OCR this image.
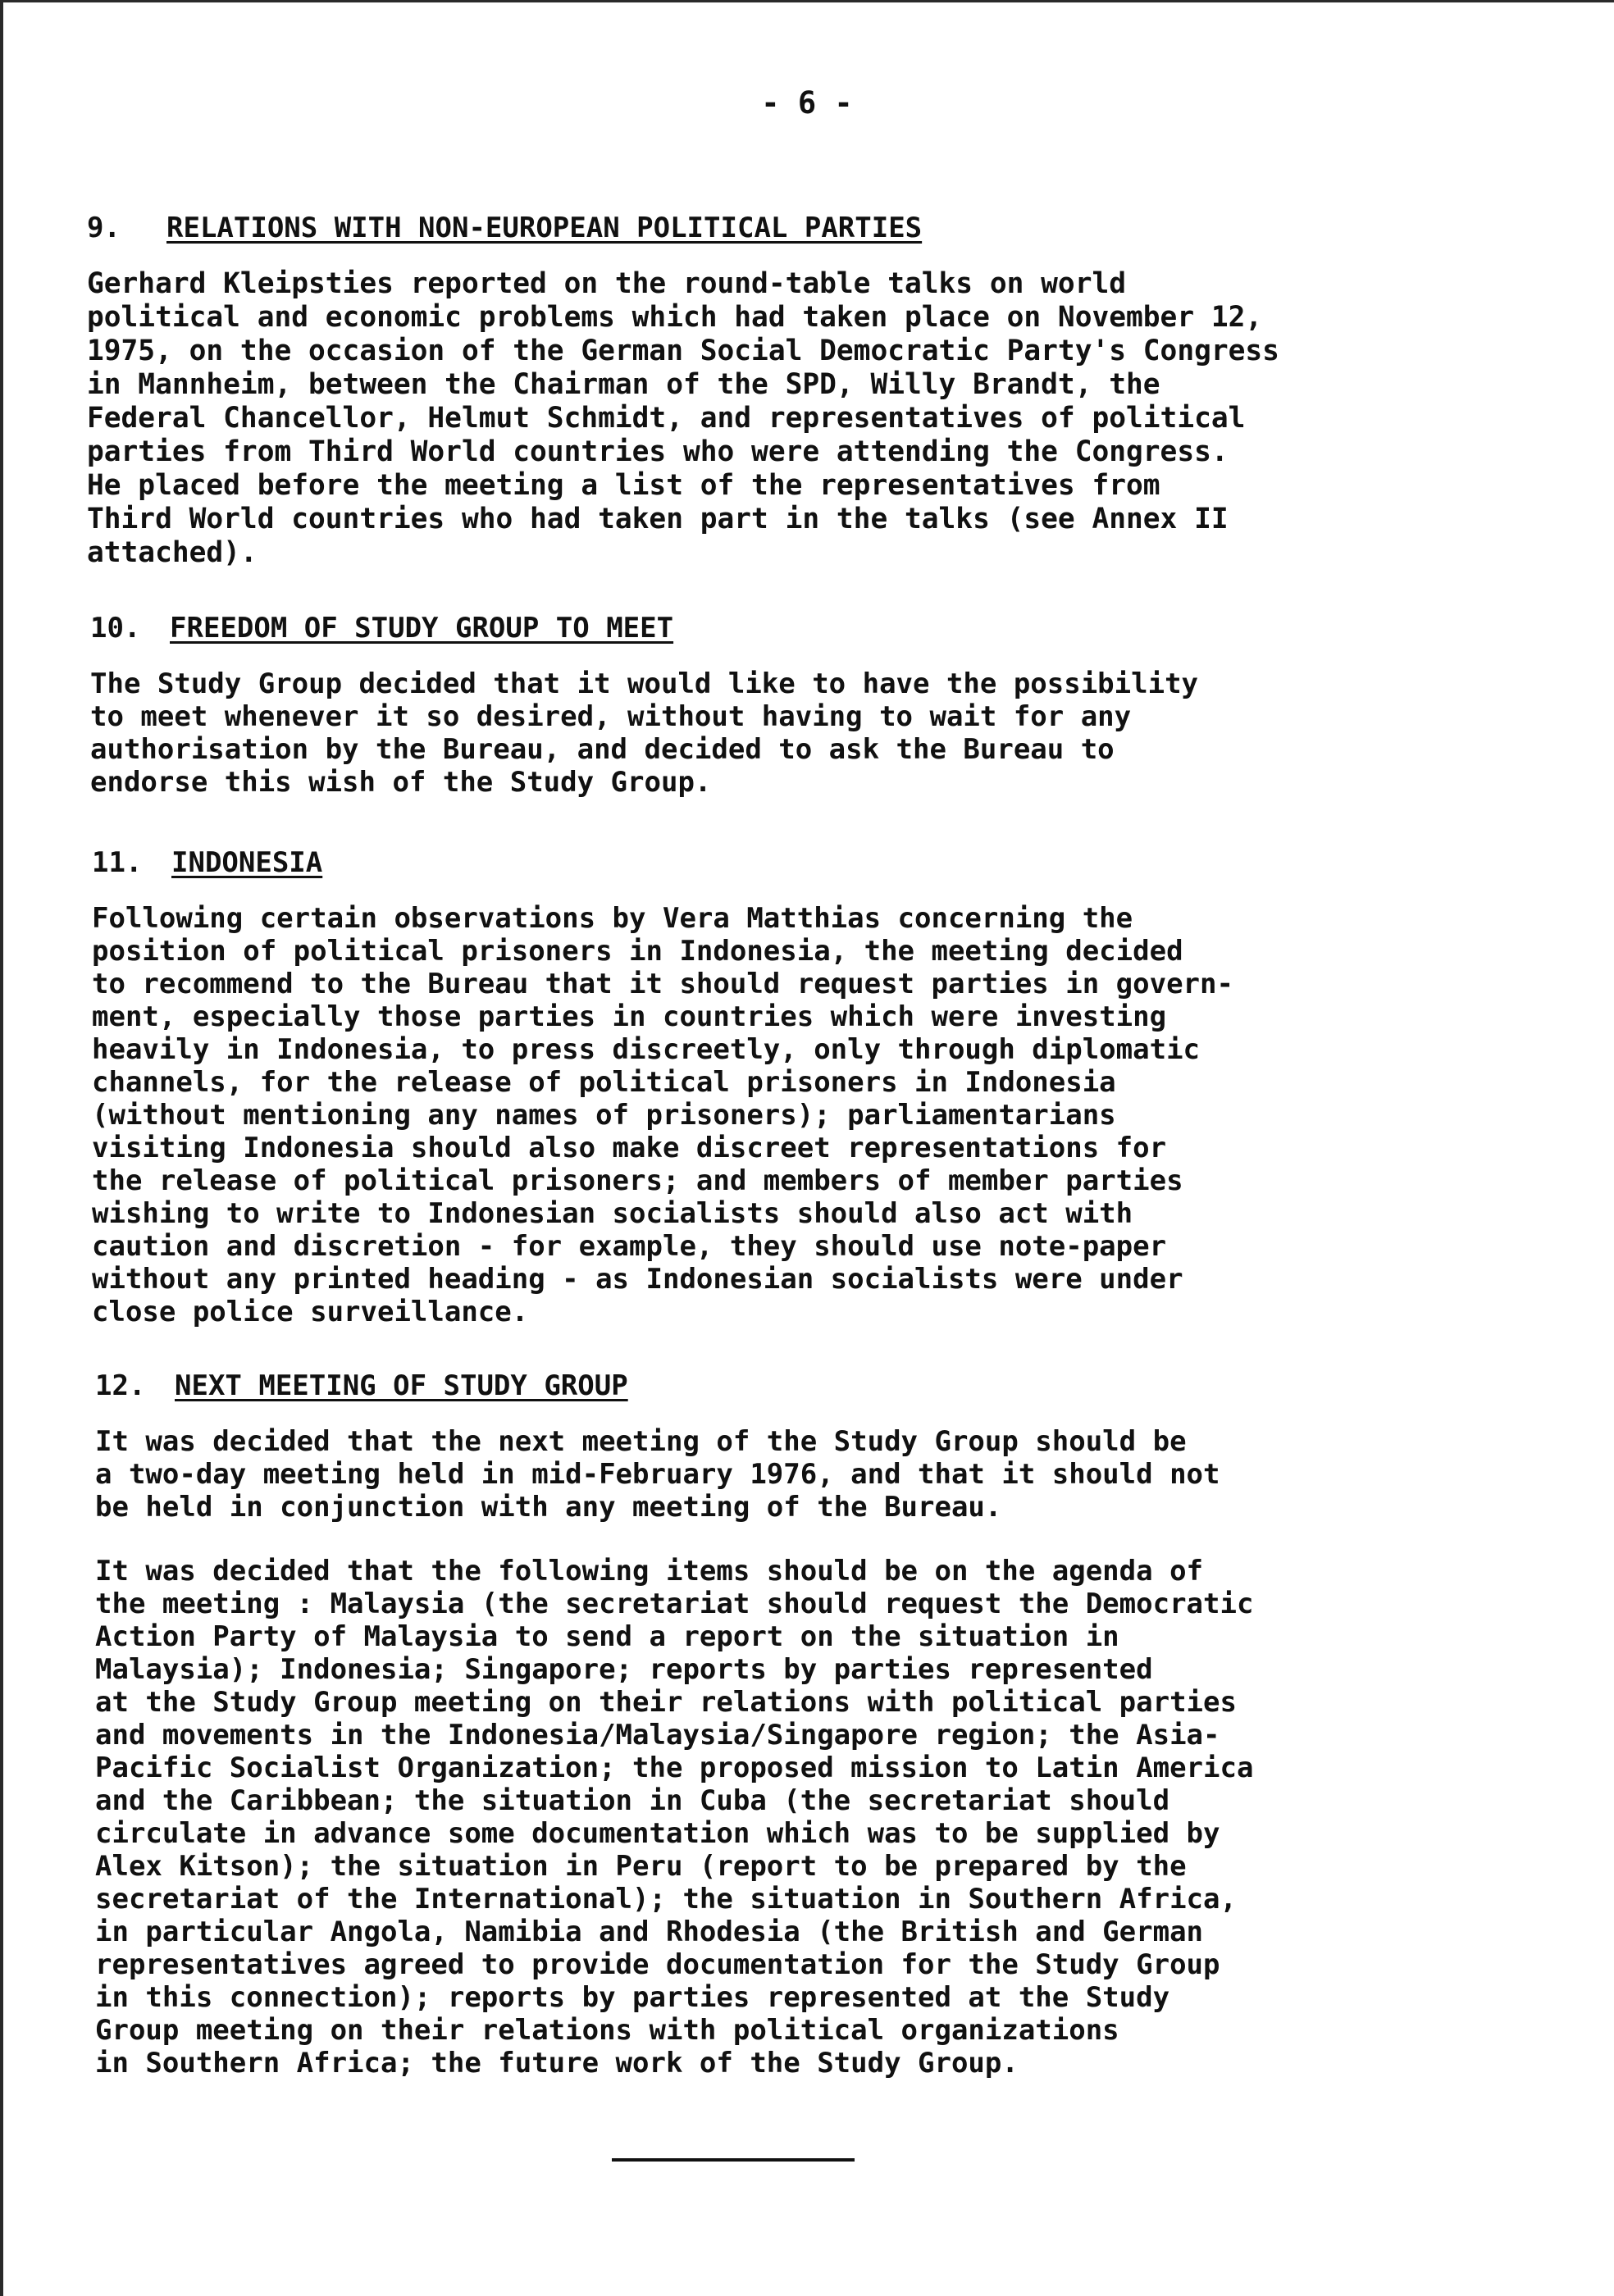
- 6 -
9. RELATIONS WITH NON-EUROPEAN POLITICAL PARTIES

Gerhard Kleipsties reported on the round-table talks on world
political and economic problems which had taken place on November 12,
1975, on the occasion of the German Social Democratic Party's Congress
in Mannheim, between the Chairman of the SPD, Willy Brandt, the
Federal Chancellor, Helmut Schmidt, and representatives of political
parties from Third World countries who were attending the Congress.
He placed before the meeting a list of the representatives from
Third World countries who had taken part in the talks (see Annex II
attached).

10. FREEDOM OF STUDY GROUP TO MEET

The Study Group decided that it would like to have the possibility
to meet whenever it so desired, without having to wait for any
authorisation by the Bureau, and decided to ask the Bureau to
endorse this wish of the Study Group.

11. INDONESIA

Following certain observations by Vera Matthias concerning the
position of political prisoners in Indonesia, the meeting decided
to recommend to the Bureau that it should request parties in govern-
ment, especially those parties in countries which were investing
heavily in Indonesia, to press discreetly, only through diplomatic
channels, for the release of political prisoners in Indonesia
(without mentioning any names of prisoners); parliamentarians
visiting Indonesia should also make discreet representations for
the release of political prisoners; and members of member parties
wishing to write to Indonesian socialists should also act with
caution and discretion - for example, they should use note-paper
without any printed heading - as Indonesian socialists were under
close police surveillance.

12. NEXT MEETING OF STUDY GROUP

It was decided that the next meeting of the Study Group should be
a two-day meeting held in mid-February 1976, and that it should not
be held in conjunction with any meeting of the Bureau.

It was decided that the following items should be on the agenda of
the meeting : Malaysia (the secretariat should request the Democratic
Action Party of Malaysia to send a report on the situation in
Malaysia); Indonesia; Singapore; reports by parties represented
at the Study Group meeting on their relations with political parties
and movements in the Indonesia/Malaysia/Singapore region; the Asia-
Pacific Socialist Organization; the proposed mission to Latin America
and the Caribbean; the situation in Cuba (the secretariat should
circulate in advance some documentation which was to be supplied by
Alex Kitson); the situation in Peru (report to be prepared by the
secretariat of the International); the situation in Southern Africa,
in particular Angola, Namibia and Rhodesia (the British and German
representatives agreed to provide documentation for the Study Group
in this connection); reports by parties represented at the Study
Group meeting on their relations with political organizations
in Southern Africa; the future work of the Study Group.
